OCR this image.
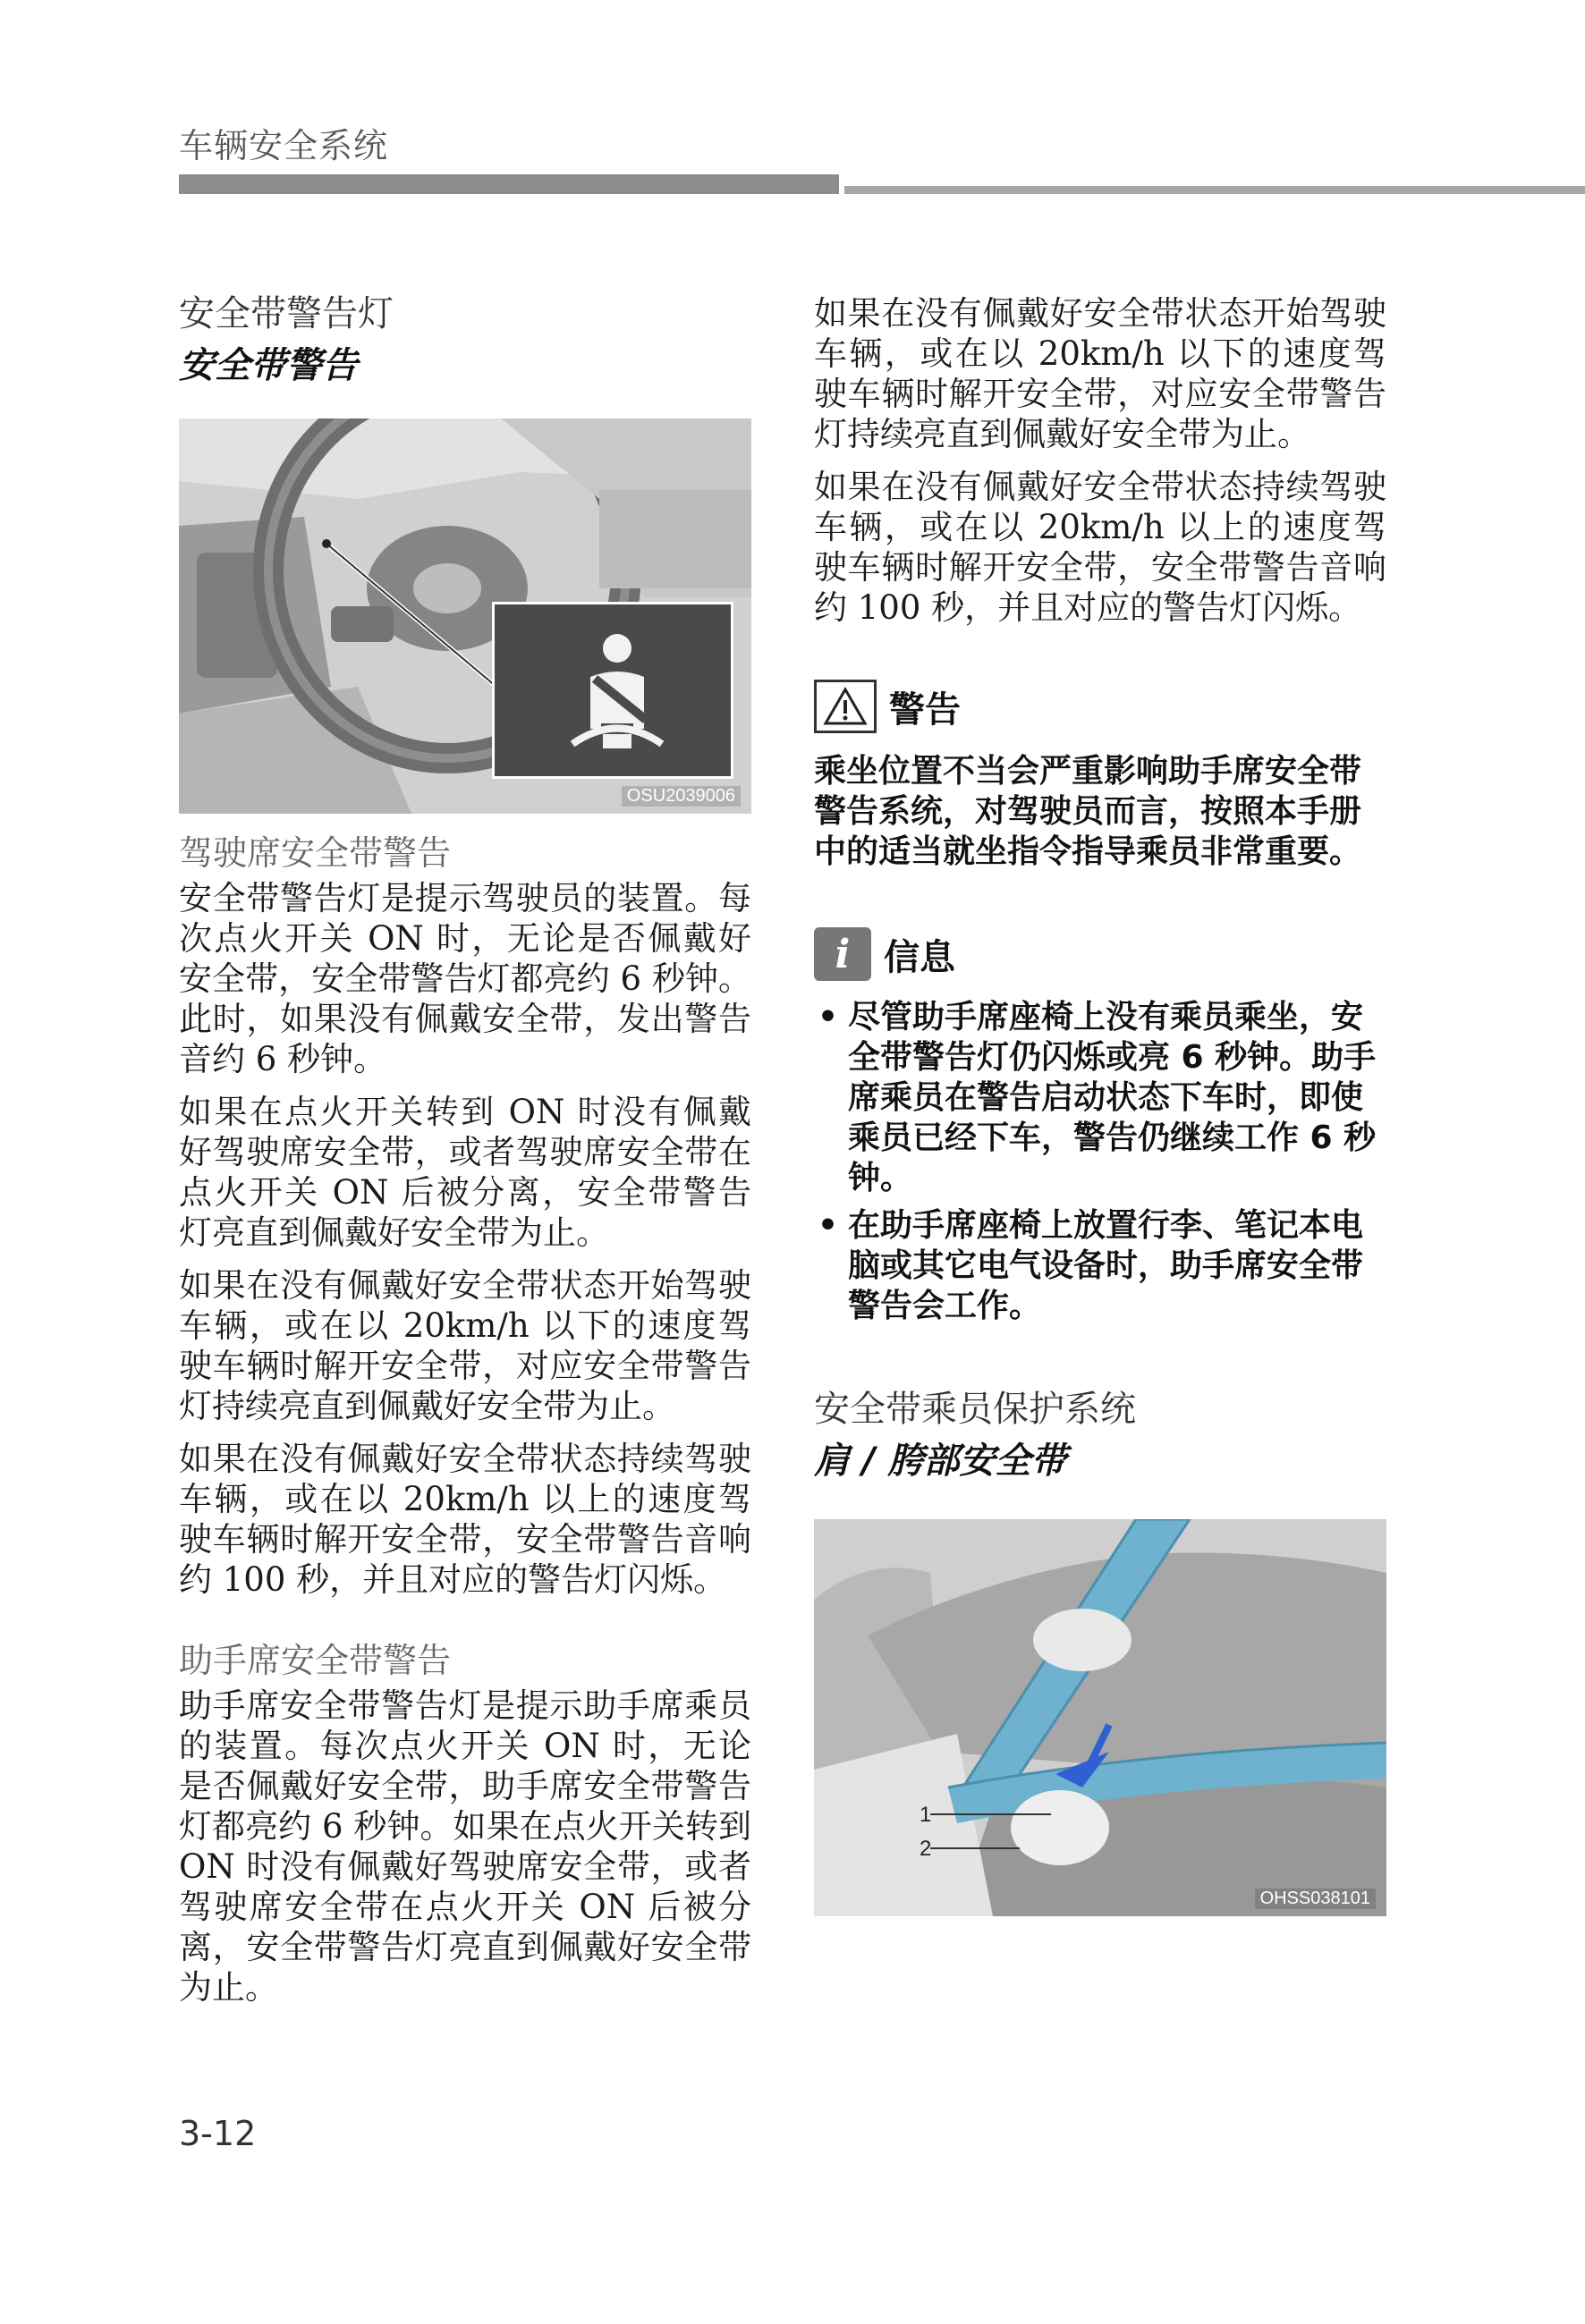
车辆安全系统
安全带警告灯
安全带警告
OSU2039006
驾驶席安全带警告

安全带警告灯是提示驾驶员的装置。每次点火开关 ON 时，无论是否佩戴好安全带，安全带警告灯都亮约 6 秒钟。此时，如果没有佩戴安全带，发出警告音约 6 秒钟。

如果在点火开关转到 ON 时没有佩戴好驾驶席安全带，或者驾驶席安全带在点火开关 ON 后被分离，安全带警告灯亮直到佩戴好安全带为止。

如果在没有佩戴好安全带状态开始驾驶车辆，或在以 20km/h 以下的速度驾驶车辆时解开安全带，对应安全带警告灯持续亮直到佩戴好安全带为止。

如果在没有佩戴好安全带状态持续驾驶车辆，或在以 20km/h 以上的速度驾驶车辆时解开安全带，安全带警告音响约 100 秒，并且对应的警告灯闪烁。

助手席安全带警告

助手席安全带警告灯是提示助手席乘员的装置。每次点火开关 ON 时，无论是否佩戴好安全带，助手席安全带警告灯都亮约 6 秒钟。如果在点火开关转到 ON 时没有佩戴好驾驶席安全带，或者驾驶席安全带在点火开关 ON 后被分离，安全带警告灯亮直到佩戴好安全带为止。

如果在没有佩戴好安全带状态开始驾驶车辆，或在以 20km/h 以下的速度驾驶车辆时解开安全带，对应安全带警告灯持续亮直到佩戴好安全带为止。

如果在没有佩戴好安全带状态持续驾驶车辆，或在以 20km/h 以上的速度驾驶车辆时解开安全带，安全带警告音响约 100 秒，并且对应的警告灯闪烁。

警告

乘坐位置不当会严重影响助手席安全带警告系统，对驾驶员而言，按照本手册中的适当就坐指令指导乘员非常重要。

i 信息
• 尽管助手席座椅上没有乘员乘坐，安全带警告灯仍闪烁或亮 6 秒钟。助手席乘员在警告启动状态下车时，即使乘员已经下车，警告仍继续工作 6 秒钟。
• 在助手席座椅上放置行李、笔记本电脑或其它电气设备时，助手席安全带警告会工作。
安全带乘员保护系统
肩 / 胯部安全带
1
2
OHSS038101
3-12
